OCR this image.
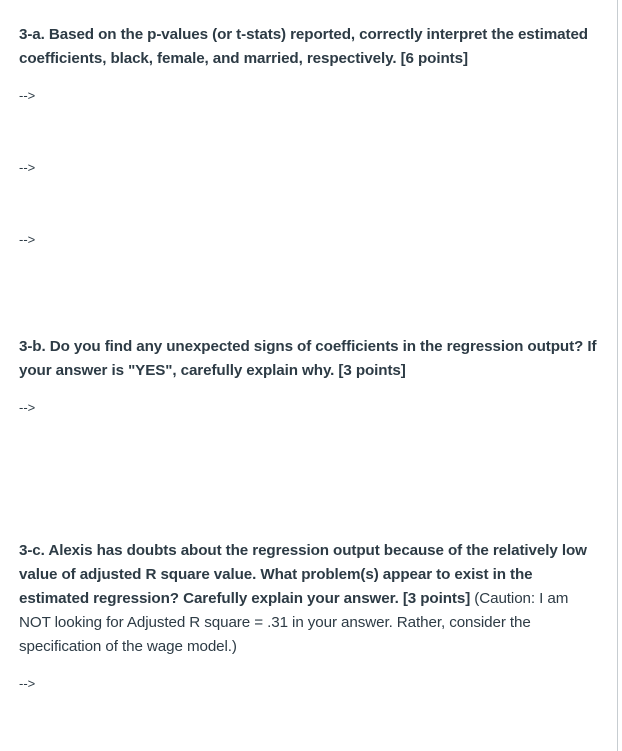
3-a. Based on the p-values (or t-stats) reported, correctly interpret the estimated coefficients, black, female, and married, respectively. [6 points]
-->
-->
-->
3-b. Do you find any unexpected signs of coefficients in the regression output? If your answer is "YES", carefully explain why. [3 points]
-->
3-c. Alexis has doubts about the regression output because of the relatively low value of adjusted R square value. What problem(s) appear to exist in the estimated regression? Carefully explain your answer. [3 points] (Caution: I am NOT looking for Adjusted R square = .31 in your answer. Rather, consider the specification of the wage model.)
-->
